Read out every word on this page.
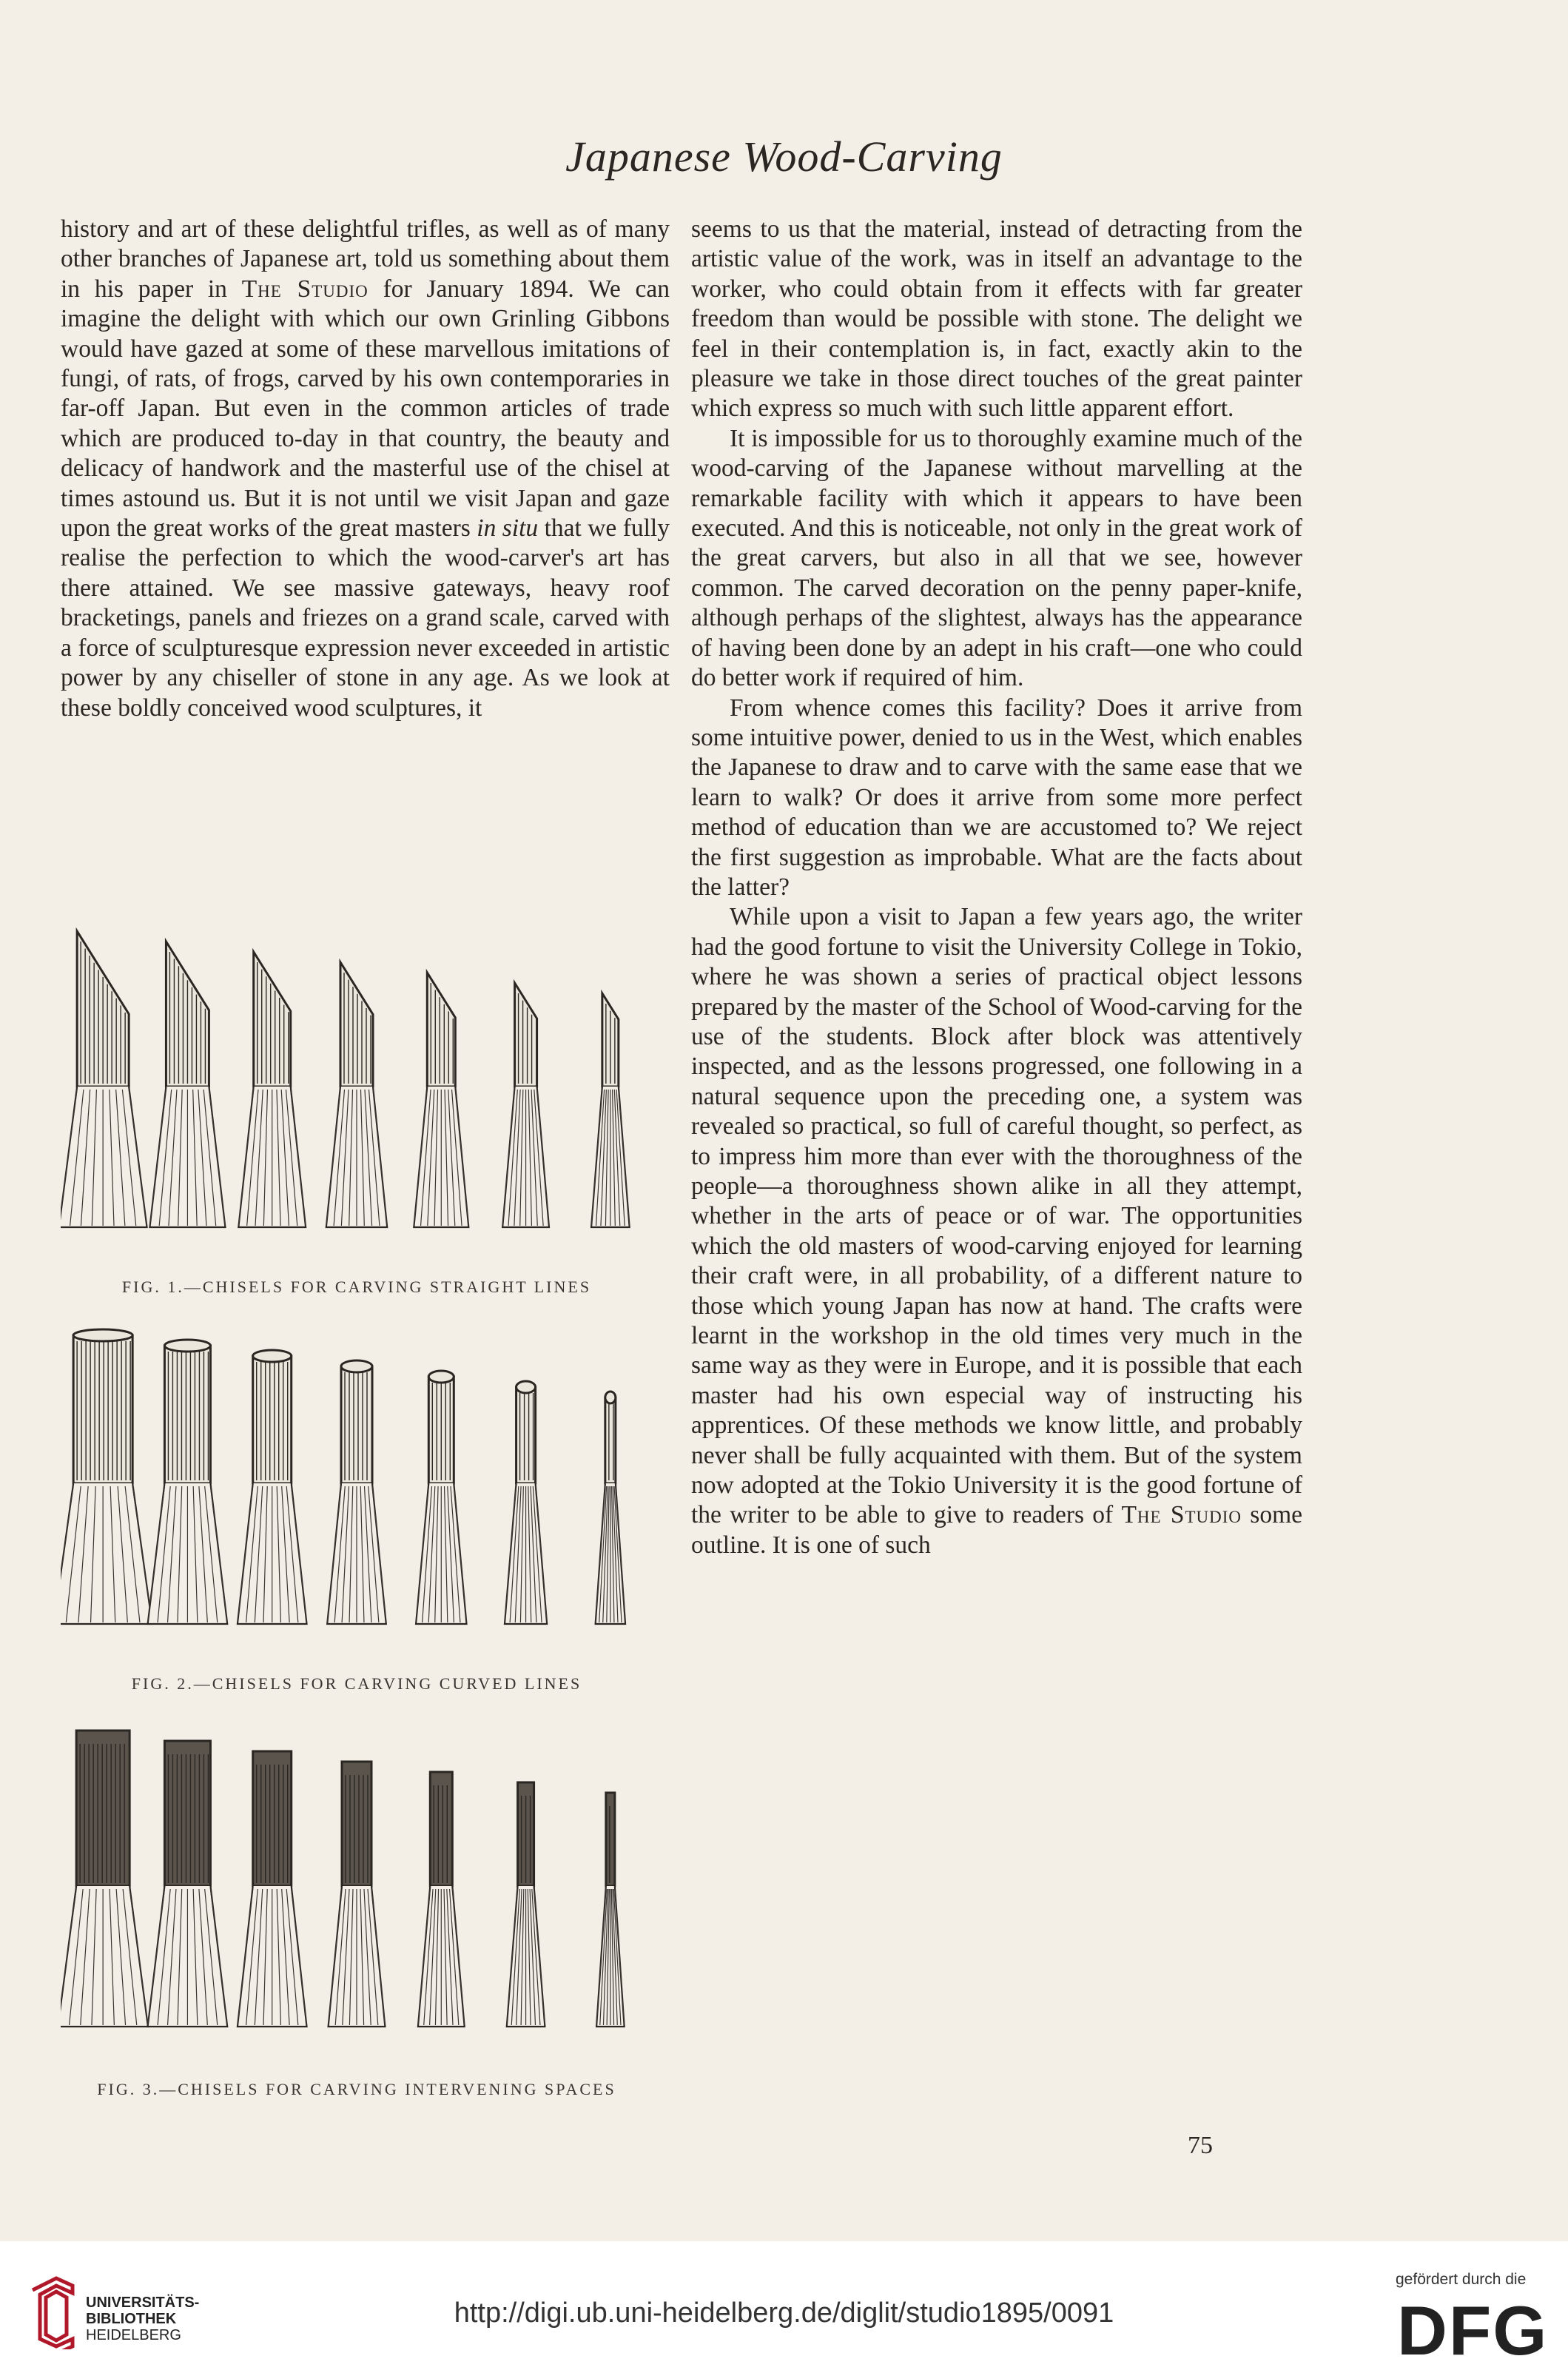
Japanese Wood-Carving

history and art of these delightful trifles, as well as of many other branches of Japanese art, told us something about them in his paper in The Studio for January 1894. We can imagine the delight with which our own Grinling Gibbons would have gazed at some of these marvellous imitations of fungi, of rats, of frogs, carved by his own contemporaries in far-off Japan. But even in the common articles of trade which are produced to-day in that country, the beauty and delicacy of handwork and the masterful use of the chisel at times astound us. But it is not until we visit Japan and gaze upon the great works of the great masters in situ that we fully realise the perfection to which the wood-carver's art has there attained. We see massive gateways, heavy roof bracketings, panels and friezes on a grand scale, carved with a force of sculpturesque expression never exceeded in artistic power by any chiseller of stone in any age. As we look at these boldly conceived wood sculptures, it

FIG. 1.—CHISELS FOR CARVING STRAIGHT LINES
FIG. 2.—CHISELS FOR CARVING CURVED LINES
FIG. 3.—CHISELS FOR CARVING INTERVENING SPACES

seems to us that the material, instead of detracting from the artistic value of the work, was in itself an advantage to the worker, who could obtain from it effects with far greater freedom than would be possible with stone. The delight we feel in their contemplation is, in fact, exactly akin to the pleasure we take in those direct touches of the great painter which express so much with such little apparent effort.

It is impossible for us to thoroughly examine much of the wood-carving of the Japanese without marvelling at the remarkable facility with which it appears to have been executed. And this is noticeable, not only in the great work of the great carvers, but also in all that we see, however common. The carved decoration on the penny paper-knife, although perhaps of the slightest, always has the appearance of having been done by an adept in his craft—one who could do better work if required of him.

From whence comes this facility? Does it arrive from some intuitive power, denied to us in the West, which enables the Japanese to draw and to carve with the same ease that we learn to walk? Or does it arrive from some more perfect method of education than we are accustomed to? We reject the first suggestion as improbable. What are the facts about the latter?

While upon a visit to Japan a few years ago, the writer had the good fortune to visit the University College in Tokio, where he was shown a series of practical object lessons prepared by the master of the School of Wood-carving for the use of the students. Block after block was attentively inspected, and as the lessons progressed, one following in a natural sequence upon the preceding one, a system was revealed so practical, so full of careful thought, so perfect, as to impress him more than ever with the thoroughness of the people—a thoroughness shown alike in all they attempt, whether in the arts of peace or of war. The opportunities which the old masters of wood-carving enjoyed for learning their craft were, in all probability, of a different nature to those which young Japan has now at hand. The crafts were learnt in the workshop in the old times very much in the same way as they were in Europe, and it is possible that each master had his own especial way of instructing his apprentices. Of these methods we know little, and probably never shall be fully acquainted with them. But of the system now adopted at the Tokio University it is the good fortune of the writer to be able to give to readers of The Studio some outline. It is one of such

75
UNIVERSITÄTS-
BIBLIOTHEK
HEIDELBERG
http://digi.ub.uni-heidelberg.de/diglit/studio1895/0091
gefördert durch die
DFG
